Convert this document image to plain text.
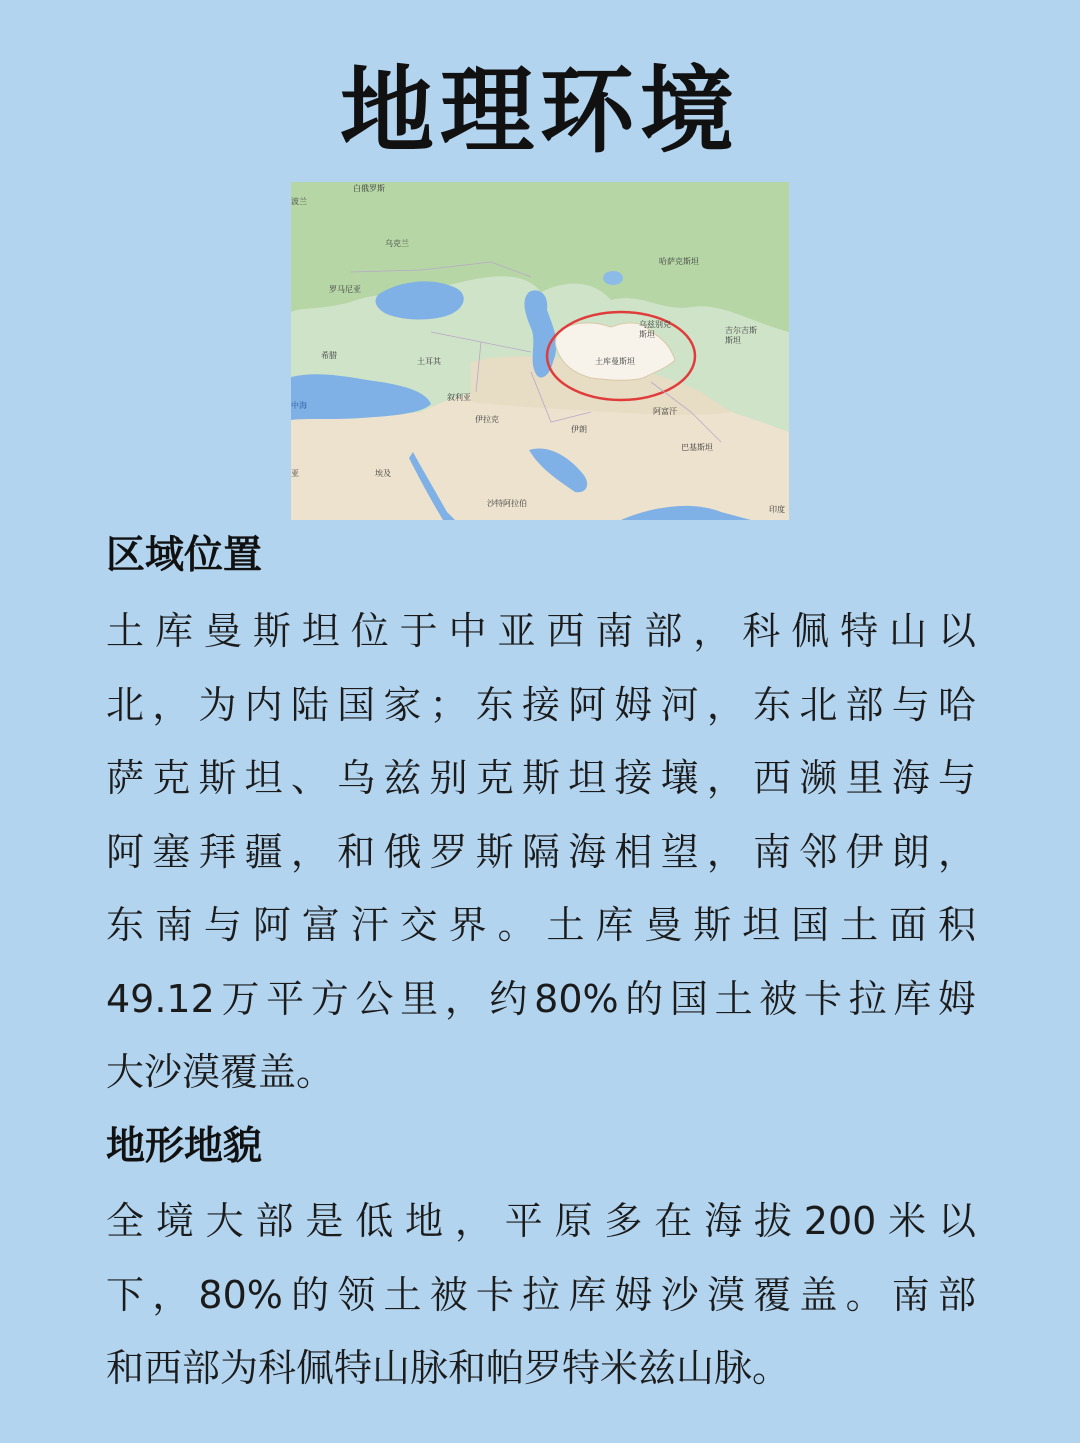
地理环境
白俄罗斯
波兰
乌克兰
哈萨克斯坦
罗马尼亚
乌兹别克斯坦	吉尔吉斯斯坦
土库曼斯坦
希腊
土耳其
叙利亚
阿富汗
中海
伊拉克
伊朗
巴基斯坦
亚	埃及
沙特阿拉伯
印度
区域位置
土库曼斯坦位于中亚西南部，科佩特山以
北，为内陆国家；东接阿姆河，东北部与哈
萨克斯坦、乌兹别克斯坦接壤，西濒里海与
阿塞拜疆，和俄罗斯隔海相望，南邻伊朗，
东南与阿富汗交界。土库曼斯坦国土面积
49.12万平方公里，约80%的国土被卡拉库姆
大沙漠覆盖。
地形地貌
全境大部是低地，平原多在海拔200米以
下，80%的领土被卡拉库姆沙漠覆盖。南部
和西部为科佩特山脉和帕罗特米兹山脉。
